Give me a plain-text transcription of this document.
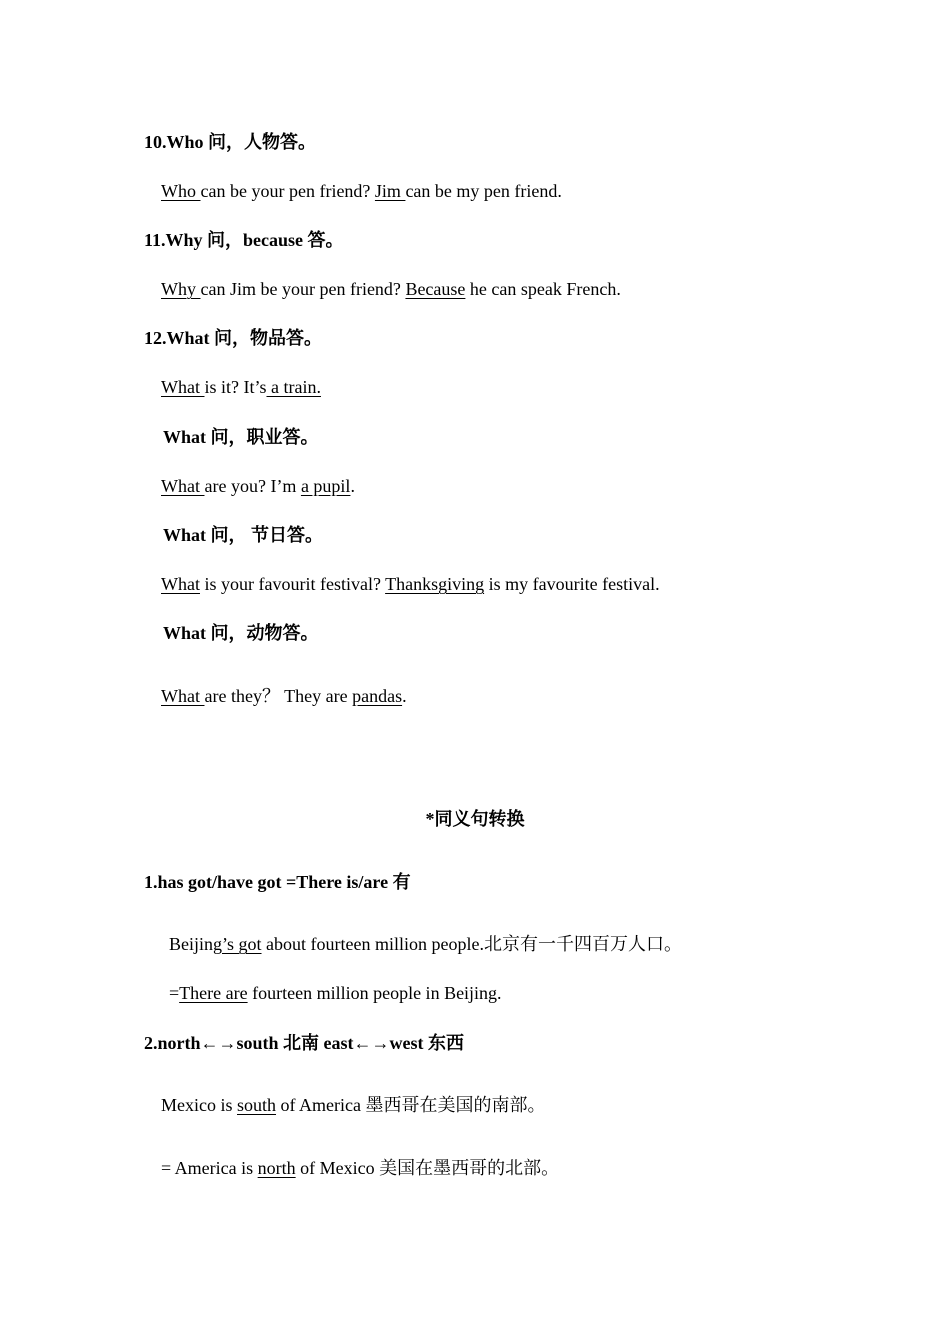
10.Who 问，人物答。
Who can be your pen friend? Jim can be my pen friend.
11.Why 问，because 答。
Why can Jim be your pen friend? Because he can speak French.
12.What 问，物品答。
What is it? It’s a train.
What 问，职业答。
What are you? I’m a pupil.
What 问， 节日答。
What is your favourit festival? Thanksgiving is my favourite festival.
What 问，动物答。
What are they？ They are pandas.
*同义句转换
1.has got/have got =There is/are 有
Beijing’s got about fourteen million people.北京有一千四百万人口。
=There are fourteen million people in Beijing.
2.north←→south 北南 east←→west 东西
Mexico is south of America 墨西哥在美国的南部。
= America is north of Mexico 美国在墨西哥的北部。
